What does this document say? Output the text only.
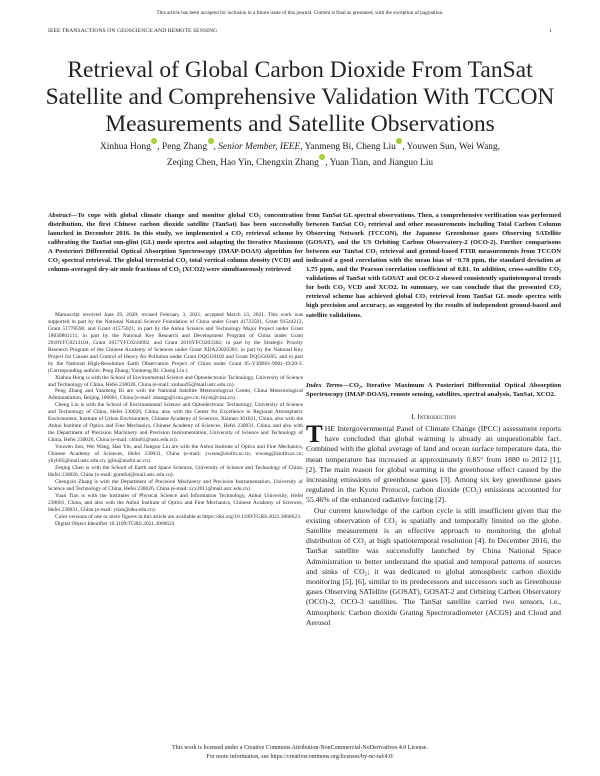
This article has been accepted for inclusion in a future issue of this journal. Content is final as presented, with the exception of pagination.
IEEE TRANSACTIONS ON GEOSCIENCE AND REMOTE SENSING	1
Retrieval of Global Carbon Dioxide From TanSat Satellite and Comprehensive Validation With TCCON Measurements and Satellite Observations
Xinhua Hong , Peng Zhang , Senior Member, IEEE, Yanmeng Bi, Cheng Liu , Youwen Sun, Wei Wang,
Zeqing Chen, Hao Yin, Chengxin Zhang , Yuan Tian, and Jianguo Liu
Abstract—To cope with global climate change and monitor global CO₂ concentration distribution, the first Chinese carbon dioxide satellite (TanSat) has been successfully launched in December 2016. In this study, we implemented a CO₂ retrieval scheme by calibrating the TanSat sun-glint (GL) mode spectra and adapting the Iterative Maximum A Posteriori Differential Optical Absorption Spectroscopy (IMAP-DOAS) algorithm for CO₂ spectral retrieval. The global terrestrial CO₂ total vertical column density (VCD) and column-averaged dry-air mole fractions of CO₂ (XCO2) were simultaneously retrieved

Manuscript received June 29, 2020; revised February 3, 2021; accepted March 13, 2021. This work was supported in part by the National Natural Science Foundation of China under Grant 41722501, Grant 91544212, Grant 51778596, and Grant 41575021; in part by the Anhui Science and Technology Major Project under Grant 18030801111; in part by the National Key Research and Development Program of China under Grant 2018YFC0213104, Grant 2017YFC0210002, and Grant 2016YFC0203302; in part by the Strategic Priority Research Program of the Chinese Academy of Sciences under Grant XDA23020301; in part by the National Key Project for Causes and Control of Heavy Air Pollution under Grant DQGG0102 and Grant DQGG0205; and in part by the National High-Resolution Earth Observation Project of China under Grant 05-Y30B01-9001-19/20-3. (Corresponding authors: Peng Zhang; Yanmeng Bi; Cheng Liu.)

Xinhua Hong is with the School of Environmental Science and Optoelectronic Technology, University of Science and Technology of China, Hefei 230026, China (e-mail: xinhua95@mail.ustc.edu.cn).

Peng Zhang and Yanmeng Bi are with the National Satellite Meteorological Center, China Meteorological Administration, Beijing 100081, China (e-mail: zhangp@cma.gov.cn; biym@cma.cn).

Cheng Liu is with the School of Environmental Science and Optoelectronic Technology, University of Science and Technology of China, Hefei 230026, China, also with the Center for Excellence in Regional Atmospheric Environment, Institute of Urban Environment, Chinese Academy of Sciences, Xiamen 361021, China, also with the Anhui Institute of Optics and Fine Mechanics, Chinese Academy of Sciences, Hefei 230031, China, and also with the Department of Precision Machinery and Precision Instrumentation, University of Science and Technology of China, Hefei 230026, China (e-mail: chliu81@ustc.edu.cn).

Youwen Sun, Wei Wang, Hao Yin, and Jianguo Liu are with the Anhui Institute of Optics and Fine Mechanics, Chinese Academy of Sciences, Hefei 230031, China (e-mail: ywsun@aiofm.ac.cn; wwang@aiofm.ac.cn; yhyb95@mail.ustc.edu.cn; jgliu@aiofm.ac.cn).

Zeqing Chen is with the School of Earth and Space Sciences, University of Science and Technology of China, Hefei 230026, China (e-mail: grateful@mail.ustc.edu.cn).

Chengxin Zhang is with the Department of Precision Machinery and Precision Instrumentation, University of Science and Technology of China, Hefei 230026, China (e-mail: zcx2011@mail.ustc.edu.cn).

Yuan Tian is with the Institutes of Physical Science and Information Technology, Anhui University, Hefei 230601, China, and also with the Anhui Institute of Optics and Fine Mechanics, Chinese Academy of Sciences, Hefei 230031, China (e-mail: ytian@ahu.edu.cn).

Color versions of one or more figures in this article are available at https://doi.org/10.1109/TGRS.2021.3066623.

Digital Object Identifier 10.1109/TGRS.2021.3066623

from TanSat GL spectral observations. Then, a comprehensive verification was performed between TanSat CO₂ retrieval and other measurements including Total Carbon Column Observing Network (TCCON), the Japanese Greenhouse gases Observing SATellite (GOSAT), and the US Orbiting Carbon Observatory-2 (OCO-2). Further comparisons between our TanSat CO₂ retrieval and ground-based FTIR measurements from TCCON indicated a good correlation with the mean bias of −0.78 ppm, the standard deviation at 1.75 ppm, and the Pearson correlation coefficient of 0.81. In addition, cross-satellite CO₂ validations of TanSat with GOSAT and OCO-2 showed consistently spatiotemporal trends for both CO₂ VCD and XCO2. In summary, we can conclude that the presented CO₂ retrieval scheme has achieved global CO₂ retrieval from TanSat GL mode spectra with high precision and accuracy, as suggested by the results of independent ground-based and satellite validations.
Index Terms—CO₂, Iterative Maximum A Posteriori Differential Optical Absorption Spectroscopy (IMAP-DOAS), remote sensing, satellites, spectral analysis, TanSat, XCO2.
I. Introduction

THE Intergovernmental Panel of Climate Change (IPCC) assessment reports have concluded that global warming is already an unquestionable fact. Combined with the global average of land and ocean surface temperature data, the mean temperature has increased at approximately 0.85° from 1880 to 2012 [1], [2]. The main reason for global warming is the greenhouse effect caused by the increasing emissions of greenhouse gases [3]. Among six key greenhouse gases regulated in the Kyoto Protocol, carbon dioxide (CO₂) emissions accounted for 55.46% of the enhanced radiative forcing [2].

Our current knowledge of the carbon cycle is still insufficient given that the existing observation of CO₂ is spatially and temporally limited on the globe. Satellite measurement is an effective approach to monitoring the global distribution of CO₂ at high spatiotemporal resolution [4]. In December 2016, the TanSat satellite was successfully launched by China National Space Administration to better understand the spatial and temporal patterns of sources and sinks of CO₂; it was dedicated to global atmospheric carbon dioxide monitoring [5], [6], similar to its predecessors and successors such as Greenhouse gases Observing SATellite (GOSAT), GOSAT-2 and Orbiting Carbon Observatory (OCO)-2, OCO-3 satellites. The TanSat satellite carried two sensors, i.e., Atmospheric Carbon dioxide Grating Spectroradiometer (ACGS) and Cloud and Aerosol

This work is licensed under a Creative Commons Attribution-NonCommercial-NoDerivatives 4.0 License.
For more information, see https://creativecommons.org/licenses/by-nc-nd/4.0/
